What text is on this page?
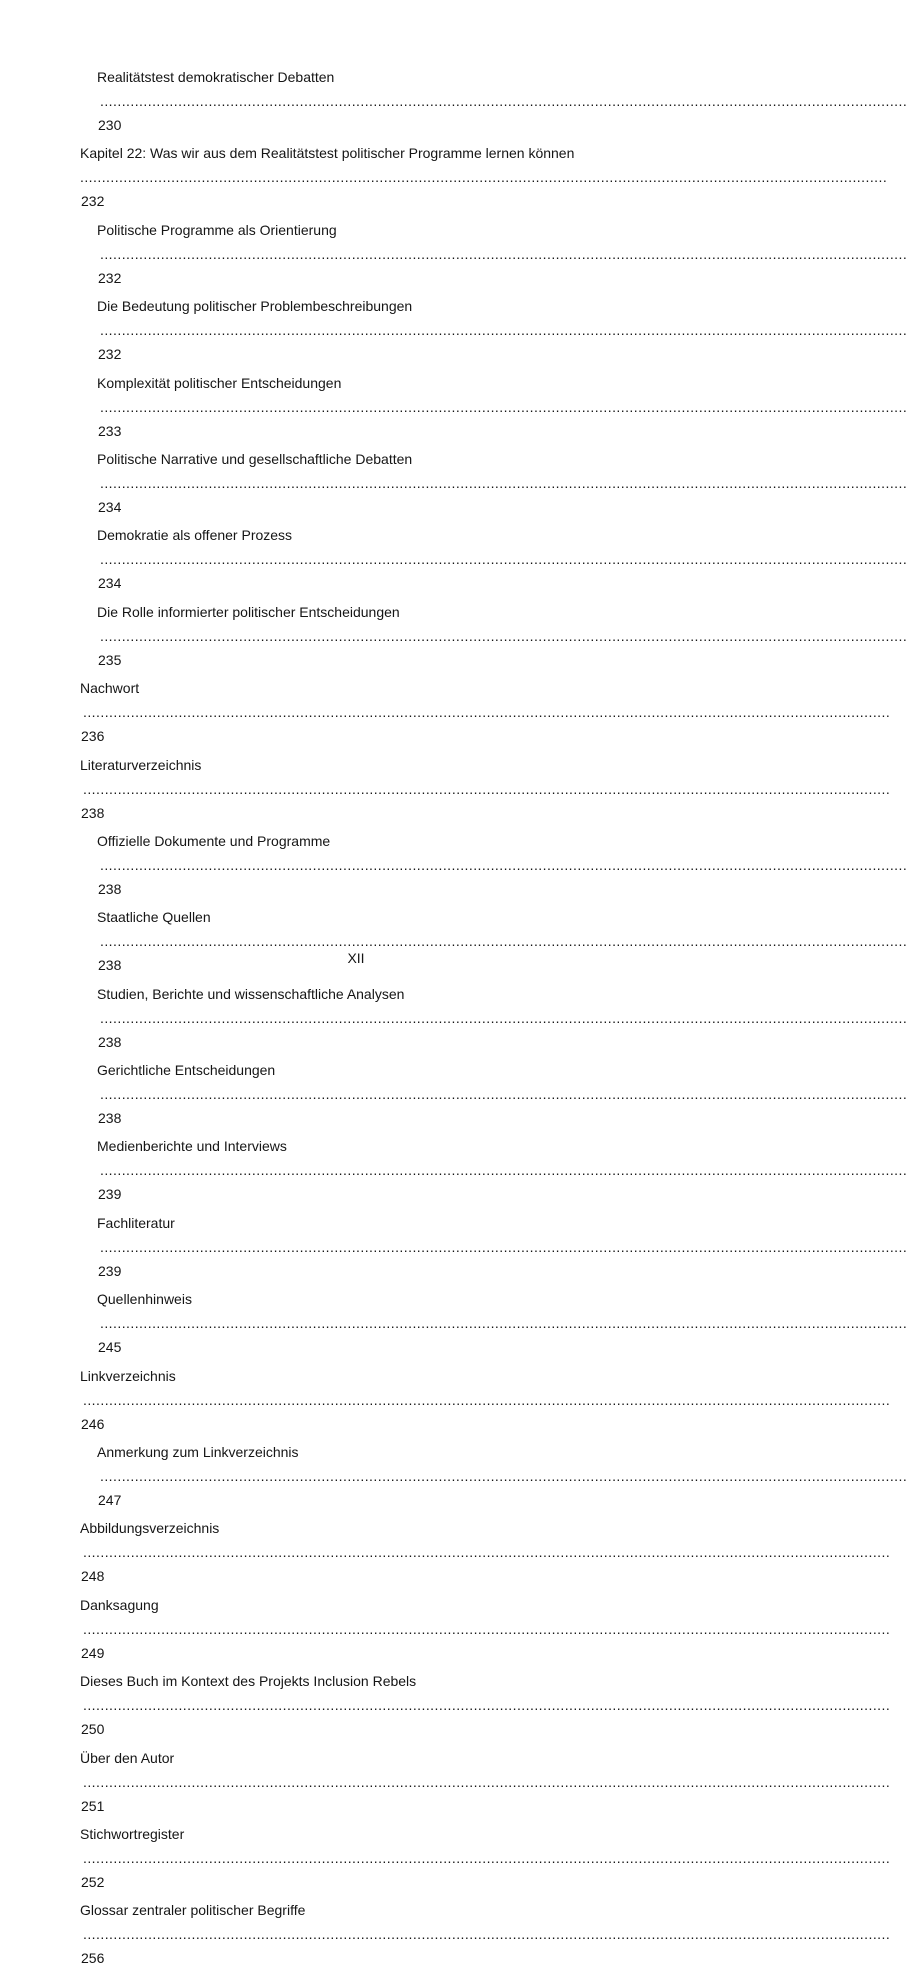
Realitätstest demokratischer Debatten
.....
230
Kapitel 22: Was wir aus dem Realitätstest politischer Programme lernen können
.....
232
Politische Programme als Orientierung
.....
232
Die Bedeutung politischer Problembeschreibungen
.....
232
Komplexität politischer Entscheidungen
.....
233
Politische Narrative und gesellschaftliche Debatten
.....
234
Demokratie als offener Prozess
.....
234
Die Rolle informierter politischer Entscheidungen
.....
235
Nachwort
.....
236
Literaturverzeichnis
.....
238
Offizielle Dokumente und Programme
.....
238
Staatliche Quellen
.....
238
Studien, Berichte und wissenschaftliche Analysen
.....
238
Gerichtliche Entscheidungen
.....
238
Medienberichte und Interviews
.....
239
Fachliteratur
.....
239
Quellenhinweis
.....
245
Linkverzeichnis
.....
246
Anmerkung zum Linkverzeichnis
.....
247
Abbildungsverzeichnis
.....
248
Danksagung
.....
249
Dieses Buch im Kontext des Projekts Inclusion Rebels
.....
250
Über den Autor
.....
251
Stichwortregister
.....
252
Glossar zentraler politischer Begriffe
.....
256
XII
